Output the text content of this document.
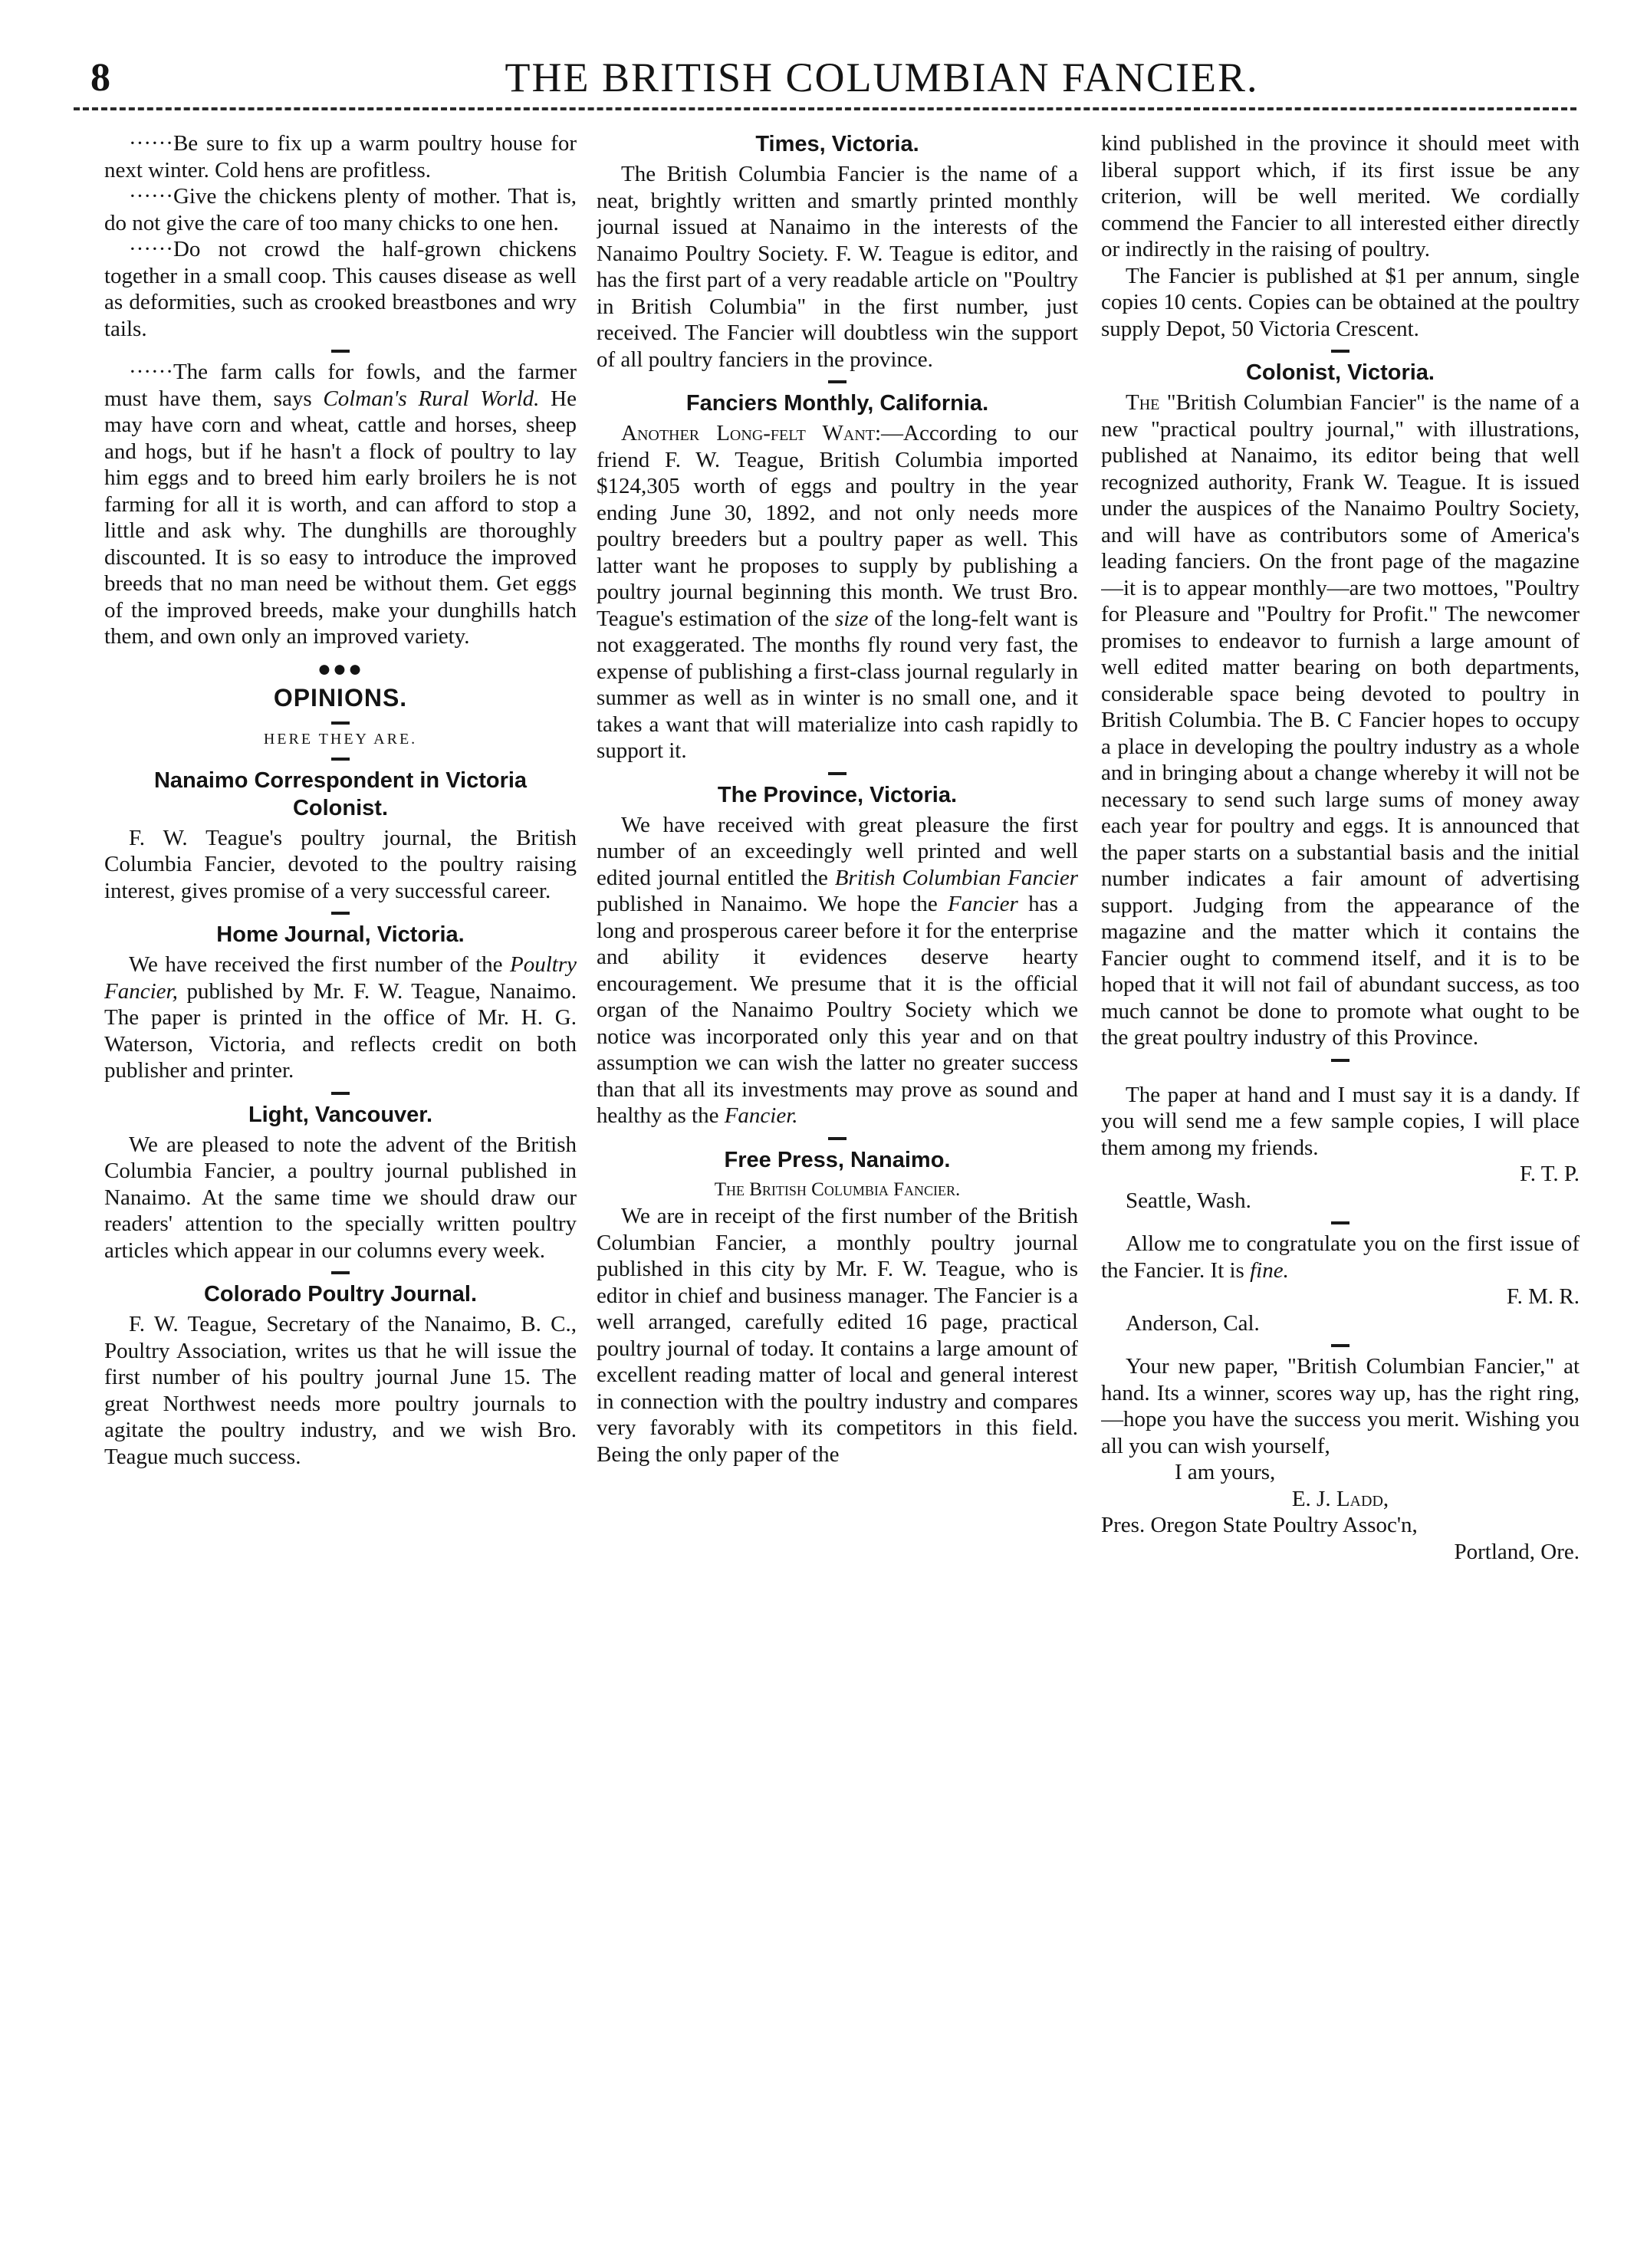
8	THE BRITISH COLUMBIAN FANCIER.

······Be sure to fix up a warm poultry house for next winter. Cold hens are profitless.

······Give the chickens plenty of mother. That is, do not give the care of too many chicks to one hen.

······Do not crowd the half-grown chickens together in a small coop. This causes disease as well as deformities, such as crooked breastbones and wry tails.

······The farm calls for fowls, and the farmer must have them, says Colman's Rural World. He may have corn and wheat, cattle and horses, sheep and hogs, but if he hasn't a flock of poultry to lay him eggs and to breed him early broilers he is not farming for all it is worth, and can afford to stop a little and ask why. The dunghills are thoroughly discounted. It is so easy to introduce the improved breeds that no man need be without them. Get eggs of the improved breeds, make your dunghills hatch them, and own only an improved variety.

●●●
OPINIONS.
HERE THEY ARE.
Nanaimo Correspondent in Victoria Colonist.

F. W. Teague's poultry journal, the British Columbia Fancier, devoted to the poultry raising interest, gives promise of a very successful career.

Home Journal, Victoria.

We have received the first number of the Poultry Fancier, published by Mr. F. W. Teague, Nanaimo. The paper is printed in the office of Mr. H. G. Waterson, Victoria, and reflects credit on both publisher and printer.

Light, Vancouver.

We are pleased to note the advent of the British Columbia Fancier, a poultry journal published in Nanaimo. At the same time we should draw our readers' attention to the specially written poultry articles which appear in our columns every week.

Colorado Poultry Journal.

F. W. Teague, Secretary of the Nanaimo, B. C., Poultry Association, writes us that he will issue the first number of his poultry journal June 15. The great Northwest needs more poultry journals to agitate the poultry industry, and we wish Bro. Teague much success.

Times, Victoria.

The British Columbia Fancier is the name of a neat, brightly written and smartly printed monthly journal issued at Nanaimo in the interests of the Nanaimo Poultry Society. F. W. Teague is editor, and has the first part of a very readable article on "Poultry in British Columbia" in the first number, just received. The Fancier will doubtless win the support of all poultry fanciers in the province.

Fanciers Monthly, California.

Another Long-felt Want:—According to our friend F. W. Teague, British Columbia imported $124,305 worth of eggs and poultry in the year ending June 30, 1892, and not only needs more poultry breeders but a poultry paper as well. This latter want he proposes to supply by publishing a poultry journal beginning this month. We trust Bro. Teague's estimation of the size of the long-felt want is not exaggerated. The months fly round very fast, the expense of publishing a first-class journal regularly in summer as well as in winter is no small one, and it takes a want that will materialize into cash rapidly to support it.

The Province, Victoria.

We have received with great pleasure the first number of an exceedingly well printed and well edited journal entitled the British Columbian Fancier published in Nanaimo. We hope the Fancier has a long and prosperous career before it for the enterprise and ability it evidences deserve hearty encouragement. We presume that it is the official organ of the Nanaimo Poultry Society which we notice was incorporated only this year and on that assumption we can wish the latter no greater success than that all its investments may prove as sound and healthy as the Fancier.

Free Press, Nanaimo.

The British Columbia Fancier.

We are in receipt of the first number of the British Columbian Fancier, a monthly poultry journal published in this city by Mr. F. W. Teague, who is editor in chief and business manager. The Fancier is a well arranged, carefully edited 16 page, practical poultry journal of today. It contains a large amount of excellent reading matter of local and general interest in connection with the poultry industry and compares very favorably with its competitors in this field. Being the only paper of the

kind published in the province it should meet with liberal support which, if its first issue be any criterion, will be well merited. We cordially commend the Fancier to all interested either directly or indirectly in the raising of poultry.

The Fancier is published at $1 per annum, single copies 10 cents. Copies can be obtained at the poultry supply Depot, 50 Victoria Crescent.

Colonist, Victoria.

The "British Columbian Fancier" is the name of a new "practical poultry journal," with illustrations, published at Nanaimo, its editor being that well recognized authority, Frank W. Teague. It is issued under the auspices of the Nanaimo Poultry Society, and will have as contributors some of America's leading fanciers. On the front page of the magazine—it is to appear monthly—are two mottoes, "Poultry for Pleasure and "Poultry for Profit." The newcomer promises to endeavor to furnish a large amount of well edited matter bearing on both departments, considerable space being devoted to poultry in British Columbia. The B. C Fancier hopes to occupy a place in developing the poultry industry as a whole and in bringing about a change whereby it will not be necessary to send such large sums of money away each year for poultry and eggs. It is announced that the paper starts on a substantial basis and the initial number indicates a fair amount of advertising support. Judging from the appearance of the magazine and the matter which it contains the Fancier ought to commend itself, and it is to be hoped that it will not fail of abundant success, as too much cannot be done to promote what ought to be the great poultry industry of this Province.

The paper at hand and I must say it is a dandy. If you will send me a few sample copies, I will place them among my friends.

F. T. P.

Seattle, Wash.

Allow me to congratulate you on the first issue of the Fancier. It is fine.

F. M. R.

Anderson, Cal.

Your new paper, "British Columbian Fancier," at hand. Its a winner, scores way up, has the right ring,—hope you have the success you merit. Wishing you all you can wish yourself,

I am yours,

E. J. Ladd,

Pres. Oregon State Poultry Assoc'n,

Portland, Ore.
